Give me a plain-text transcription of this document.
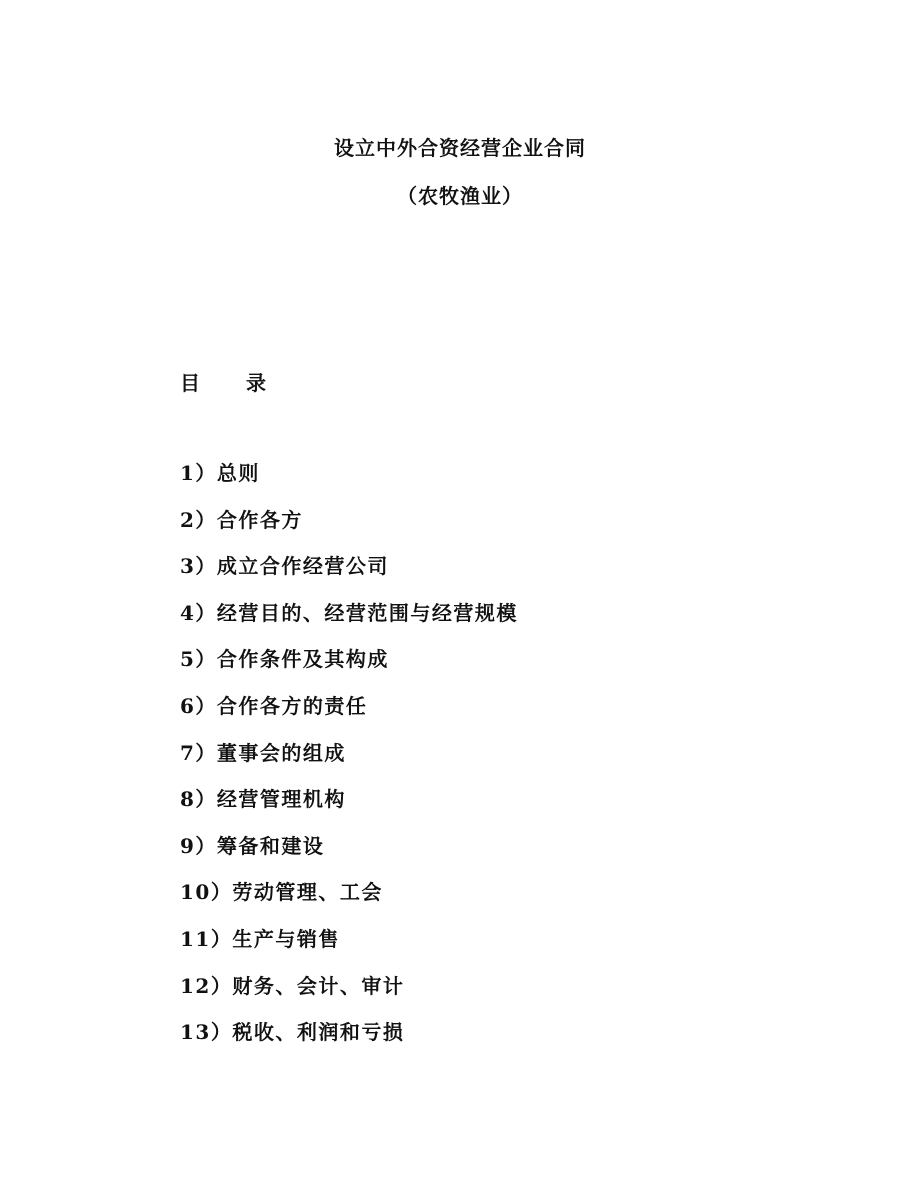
设立中外合资经营企业合同
（农牧渔业）
目　　录
1）总则
2）合作各方
3）成立合作经营公司
4）经营目的、经营范围与经营规模
5）合作条件及其构成
6）合作各方的责任
7）董事会的组成
8）经营管理机构
9）筹备和建设
10）劳动管理、工会
11）生产与销售
12）财务、会计、审计
13）税收、利润和亏损
